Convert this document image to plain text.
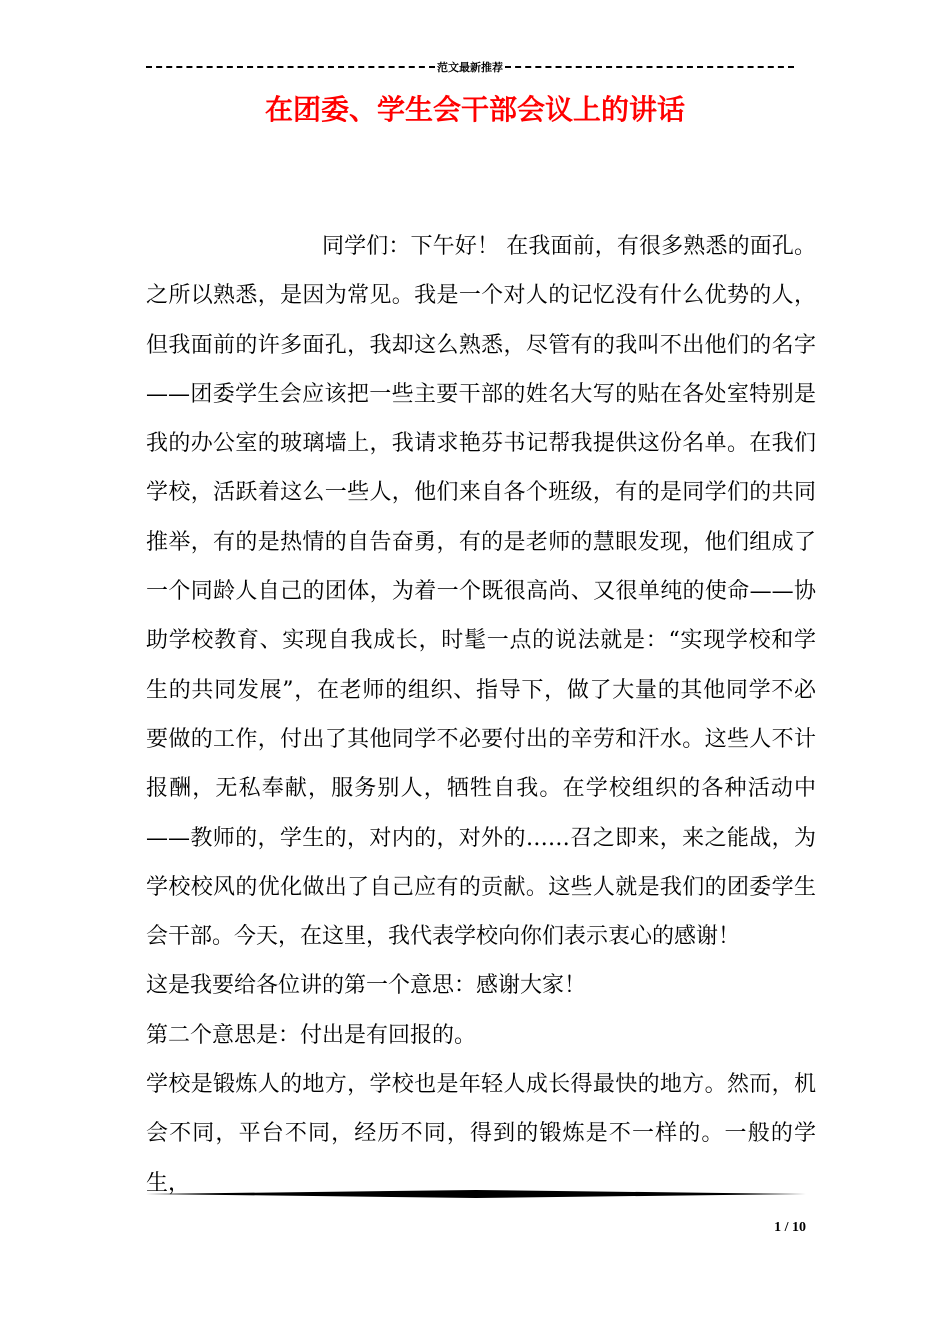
范文最新推荐
在团委、学生会干部会议上的讲话

同学们：下午好！ 在我面前，有很多熟悉的面孔。之所以熟悉，是因为常见。我是一个对人的记忆没有什么优势的人，但我面前的许多面孔，我却这么熟悉，尽管有的我叫不出他们的名字——团委学生会应该把一些主要干部的姓名大写的贴在各处室特别是我的办公室的玻璃墙上，我请求艳芬书记帮我提供这份名单。在我们学校，活跃着这么一些人，他们来自各个班级，有的是同学们的共同推举，有的是热情的自告奋勇，有的是老师的慧眼发现，他们组成了一个同龄人自己的团体，为着一个既很高尚、又很单纯的使命——协助学校教育、实现自我成长，时髦一点的说法就是：“实现学校和学生的共同发展”，在老师的组织、指导下，做了大量的其他同学不必要做的工作，付出了其他同学不必要付出的辛劳和汗水。这些人不计报酬，无私奉献，服务别人，牺牲自我。在学校组织的各种活动中——教师的，学生的，对内的，对外的……召之即来，来之能战，为学校校风的优化做出了自己应有的贡献。这些人就是我们的团委学生会干部。今天，在这里，我代表学校向你们表示衷心的感谢！

这是我要给各位讲的第一个意思：感谢大家！

第二个意思是：付出是有回报的。

学校是锻炼人的地方，学校也是年轻人成长得最快的地方。然而，机会不同，平台不同，经历不同，得到的锻炼是不一样的。一般的学生，

1 / 10
